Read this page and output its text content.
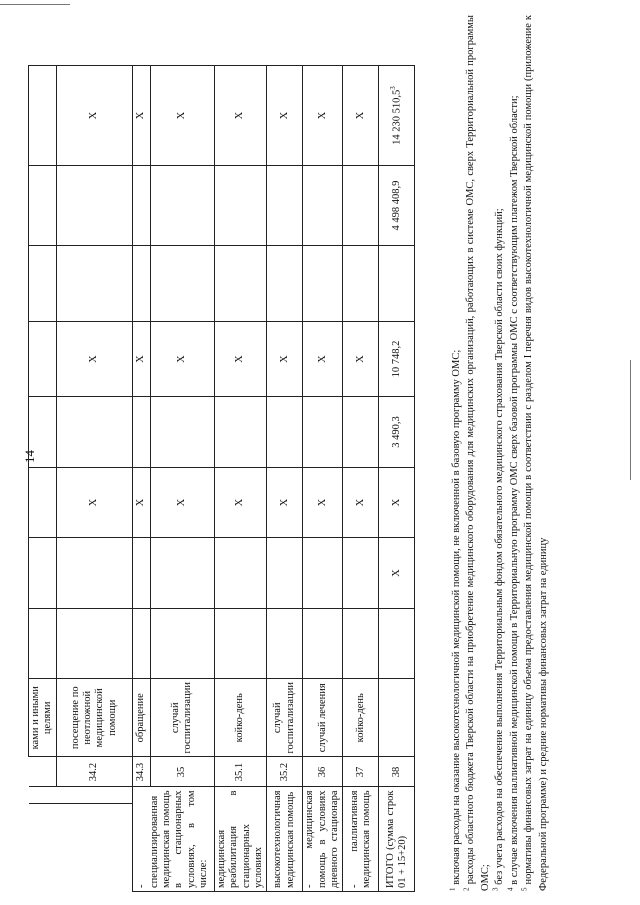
14
			ками и иными целями								
		34.2	посещение по неотложной медицинской помощи			X		X			X
- специализированная медицинская помощь в стационарных условиях, в том числе:		34.3	обращение			X		X			X
		35	случай госпитализации			X		X			X
медицинская реабилитация в стационарных условиях		35.1	койко-день			X		X			X
высокотехнологичная медицинская помощь		35.2	случай госпитализации			X		X			X
- медицинская помощь в условиях дневного стационара		36	случай лечения			X		X			X
- паллиативная медицинская помощь		37	койко-день			X		X			X
ИТОГО (сумма строк 01 + 15+20)		38			X	X	3 490,3	10 748,2		4 498 408,9	14 230 510,5$^3$

$^1$ включая расходы на оказание высокотехнологичной медицинской помощи, не включенной в базовую программу ОМС;

$^2$ расходы областного бюджета Тверской области на приобретение медицинского оборудования для медицинских организаций, работающих в системе ОМС, сверх Территориальной программы ОМС; $^3$ без учета расходов на обеспечение выполнения Территориальным фондом обязательного медицинского страхования Тверской области своих функций;

$^4$ в случае включения паллиативной медицинской помощи в Территориальную программу ОМС сверх базовой программы ОМС с соответствующим платежом Тверской области;

$^5$ нормативы финансовых затрат на единицу объема предоставления медицинской помощи в соответствии с разделом I перечня видов высокотехнологичной медицинской помощи (приложение к Федеральной программе) и средние нормативы финансовых затрат на единицу
